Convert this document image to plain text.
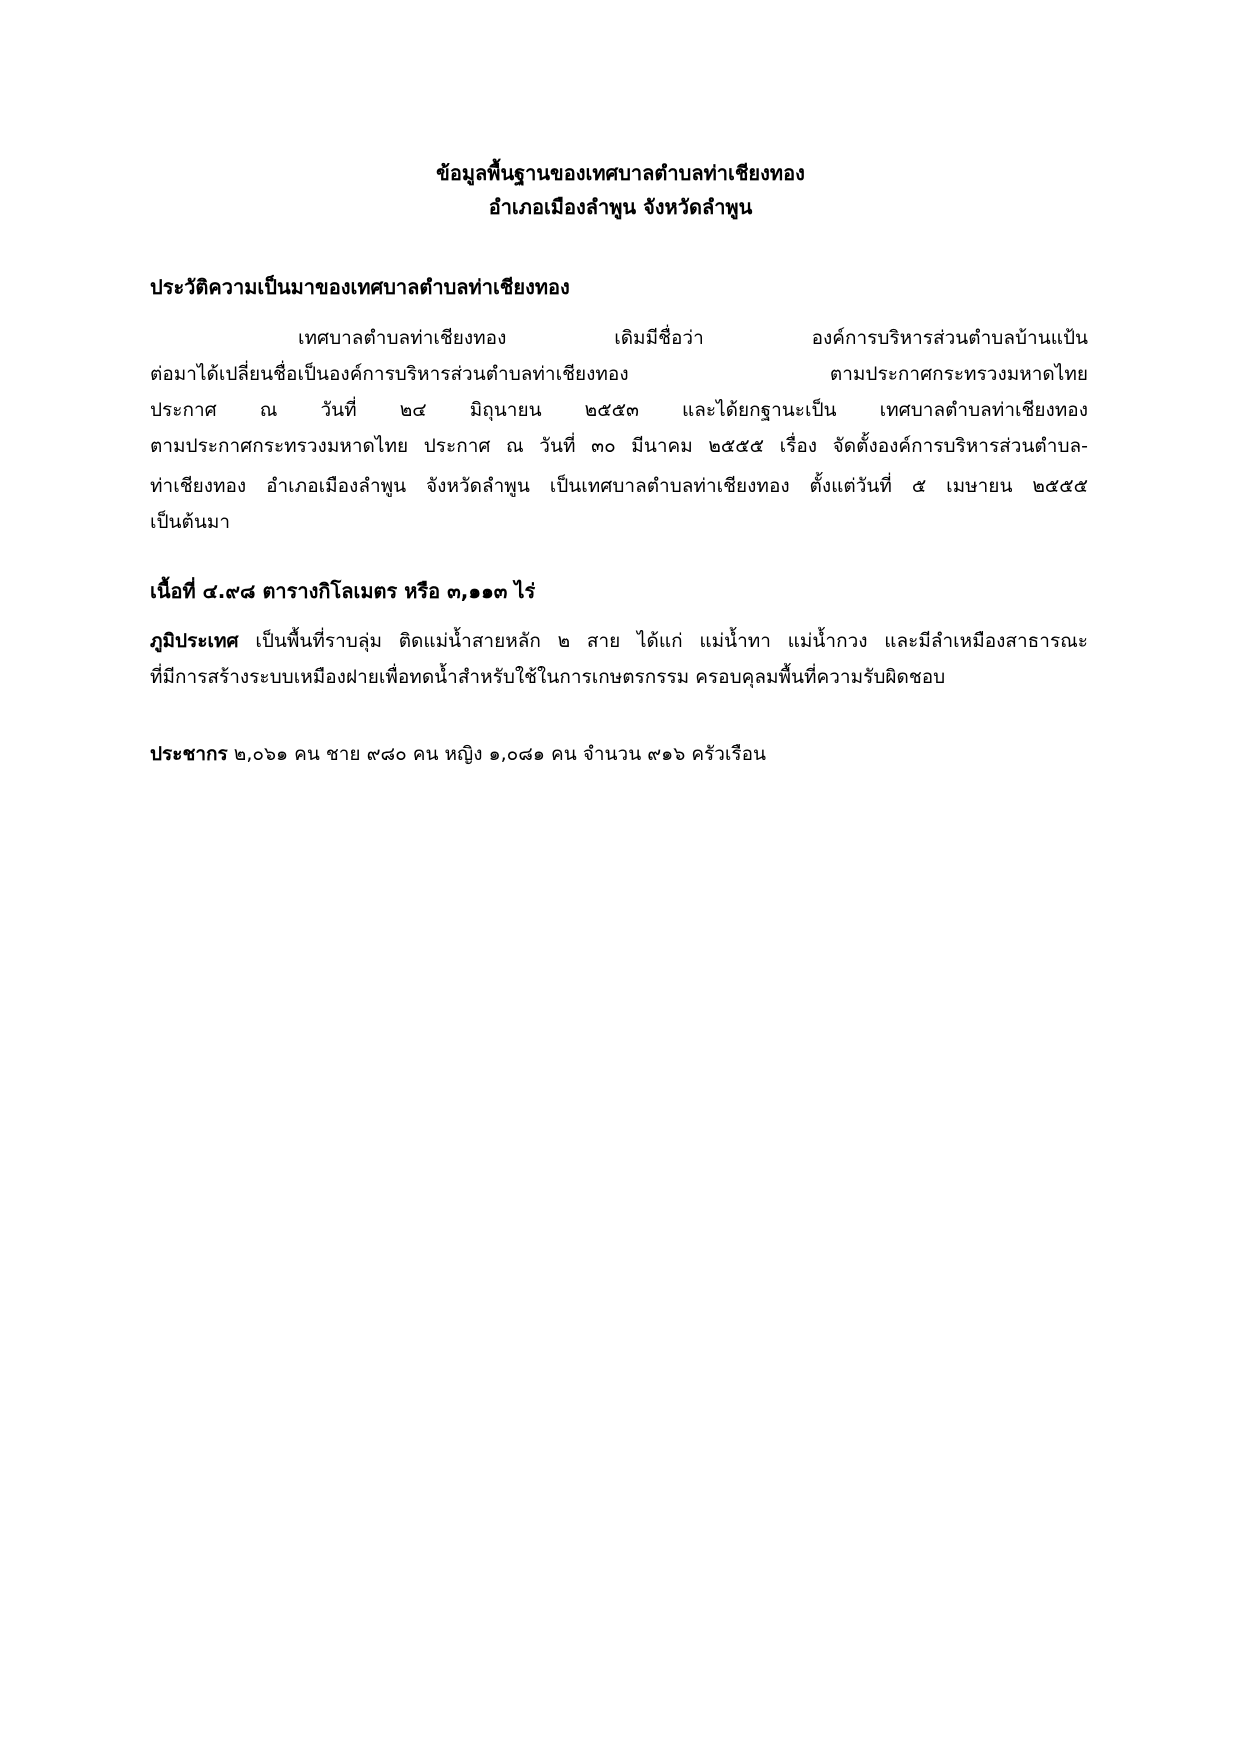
ข้อมูลพื้นฐานของเทศบาลตำบลท่าเชียงทอง
อำเภอเมืองลำพูน จังหวัดลำพูน
ประวัติความเป็นมาของเทศบาลตำบลท่าเชียงทอง
เทศบาลตำบลท่าเชียงทอง เดิมมีชื่อว่า องค์การบริหารส่วนตำบลบ้านแป้น
ต่อมาได้เปลี่ยนชื่อเป็นองค์การบริหารส่วนตำบลท่าเชียงทอง ตามประกาศกระทรวงมหาดไทย
ประกาศ ณ วันที่ ๒๔ มิถุนายน ๒๕๕๓ และได้ยกฐานะเป็น เทศบาลตำบลท่าเชียงทอง
ตามประกาศกระทรวงมหาดไทย ประกาศ ณ วันที่ ๓๐ มีนาคม ๒๕๕๕ เรื่อง จัดตั้งองค์การบริหารส่วนตำบล-
ท่าเชียงทอง อำเภอเมืองลำพูน จังหวัดลำพูน เป็นเทศบาลตำบลท่าเชียงทอง ตั้งแต่วันที่ ๕ เมษายน ๒๕๕๕
เป็นต้นมา
เนื้อที่ ๔.๙๘ ตารางกิโลเมตร หรือ ๓,๑๑๓ ไร่
ภูมิประเทศ เป็นพื้นที่ราบลุ่ม ติดแม่น้ำสายหลัก ๒ สาย ได้แก่ แม่น้ำทา แม่น้ำกวง และมีลำเหมืองสาธารณะ
ที่มีการสร้างระบบเหมืองฝายเพื่อทดน้ำสำหรับใช้ในการเกษตรกรรม ครอบคุลมพื้นที่ความรับผิดชอบ
ประชากร ๒,๐๖๑ คน ชาย ๙๘๐ คน หญิง ๑,๐๘๑ คน จำนวน ๙๑๖ ครัวเรือน
